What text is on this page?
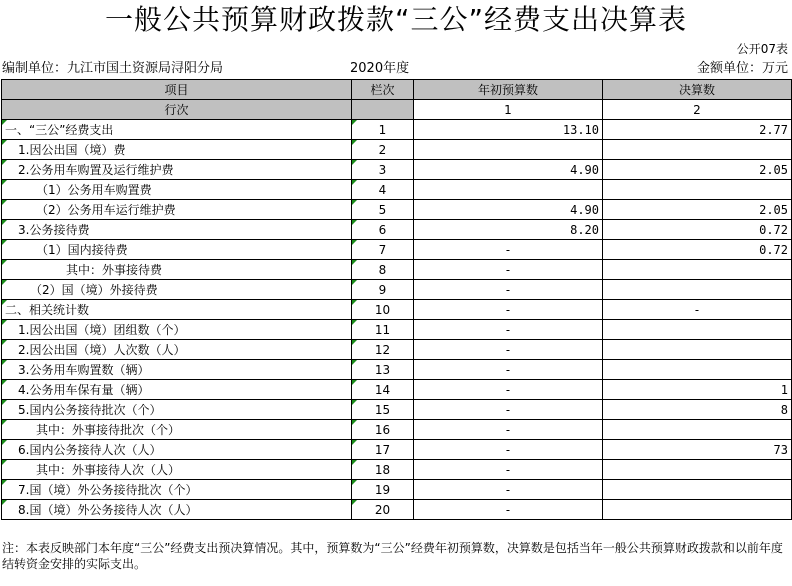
一般公共预算财政拨款“三公”经费支出决算表
公开07表
编制单位：九江市国土资源局浔阳分局	2020年度	金额单位：万元
项目	栏次	年初预算数	决算数
行次		1	2
一、“三公”经费支出	1	13.10	2.77
1.因公出国（境）费	2		
2.公务用车购置及运行维护费	3	4.90	2.05
（1）公务用车购置费	4		
（2）公务用车运行维护费	5	4.90	2.05
3.公务接待费	6	8.20	0.72
（1）国内接待费	7	-	0.72
其中：外事接待费	8	-	
（2）国（境）外接待费	9	-	
二、相关统计数	10	-	-
1.因公出国（境）团组数（个）	11	-	
2.因公出国（境）人次数（人）	12	-	
3.公务用车购置数（辆）	13	-	
4.公务用车保有量（辆）	14	-	1
5.国内公务接待批次（个）	15	-	8
其中：外事接待批次（个）	16	-	
6.国内公务接待人次（人）	17	-	73
其中：外事接待人次（人）	18	-	
7.国（境）外公务接待批次（个）	19	-	
8.国（境）外公务接待人次（人）	20	-	
注：本表反映部门本年度“三公”经费支出预决算情况。其中，预算数为“三公”经费年初预算数，决算数是包括当年一般公共预算财政拨款和以前年度结转资金安排的实际支出。
